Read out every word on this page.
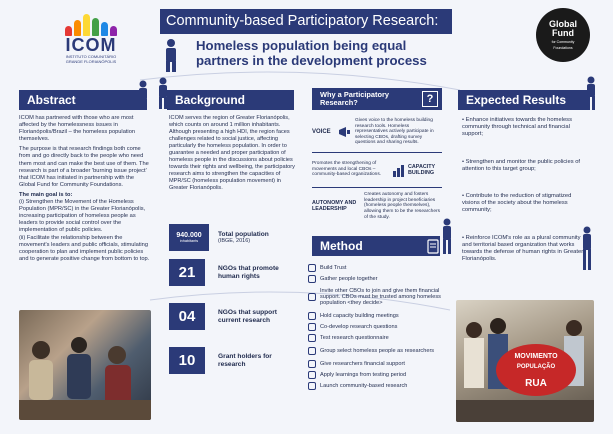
ICOM
INSTITUTO COMUNITÁRIO
GRANDE FLORIANÓPOLIS
Community-based Participatory Research:
Homeless population being equal
partners in the development process
Global
Fund
for Community
Foundations
Abstract

ICOM has partnered with those who are most affected by the homelessness issues in Florianópolis/Brazil – the homeless population themselves.

The purpose is that research findings both come from and go directly back to the people who need them most and can make the best use of them. The research is part of a broader 'burning issue project' that ICOM has initiated in partnership with the Global Fund for Community Foundations.

The main goal is to:

(i) Strengthen the Movement of the Homeless Population (MPR/SC) in the Greater Florianópolis, increasing participation of homeless people as leaders to provide social control over the implementation of public policies.

(ii) Facilitate the relationship between the movement's leaders and public officials, stimulating cooperation to plan and implement public policies and to generate positive change from bottom to top.

Background
ICOM serves the region of Greater Florianópolis, which counts on around 1 million inhabitants. Although presenting a high HDI, the region faces challenges related to social justice, affecting particularly the homeless population. In order to guarantee a needed and proper participation of homeless people in the discussions about policies towards their rights and wellbeing, the participatory research aims to strengthen the capacities of MPR/SC (homeless population movement) in Greater Florianópolis.
940.000
inhabitants
Total population
(IBGE, 2016)
21	NGOs that promote human rights
04	NGOs that support current research
10	Grant holders for research
Why a Participatory
Research?	?
VOICE
Gives voice to the homeless building research tools. Homeless representatives actively participate in selecting CBOs, drafting survey questions and sharing results.
Promotes the strengthening of movements and local CBOs – community-based organizations.
CAPACITY BUILDING
AUTONOMY AND LEADERSHIP
Creates autonomy and fosters leadership in project beneficiaries (homeless people themselves), allowing them to be the researchers of the study.
Method
Build Trust
Gather people together
Invite other CBOs to join and give them financial support. CBOs must be trusted among homeless population <they decide>
Hold capacity building meetings
Co-develop research questions
Test research questionnaire
Group select homeless people as researchers
Give researchers financial support
Apply learnings from testing period
Launch community-based research
Expected Results
• Enhance initiatives towards the homeless community through technical and financial support;
• Strengthen and monitor the public policies of attention to this target group;
• Contribute to the reduction of stigmatized visions of the society about the homeless community;
• Reinforce ICOM's role as a plural community and territorial based organization that works towards the defense of human rights in Greater Florianópolis.
MOVIMENTO
POPULAÇÃO
RUA
